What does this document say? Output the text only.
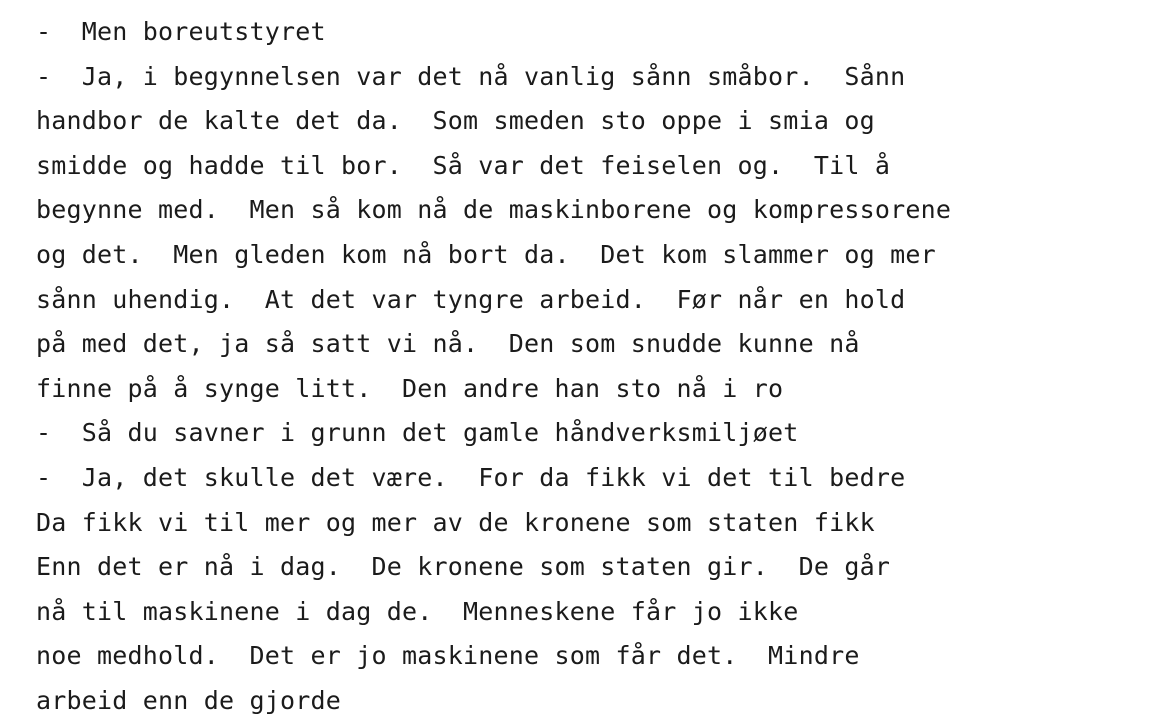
-  Men boreutstyret
-  Ja, i begynnelsen var det nå vanlig sånn småbor.  Sånn
handbor de kalte det da.  Som smeden sto oppe i smia og
smidde og hadde til bor.  Så var det feiselen og.  Til å
begynne med.  Men så kom nå de maskinborene og kompressorene
og det.  Men gleden kom nå bort da.  Det kom slammer og mer
sånn uhendig.  At det var tyngre arbeid.  Før når en hold
på med det, ja så satt vi nå.  Den som snudde kunne nå
finne på å synge litt.  Den andre han sto nå i ro
-  Så du savner i grunn det gamle håndverksmiljøet
-  Ja, det skulle det være.  For da fikk vi det til bedre
Da fikk vi til mer og mer av de kronene som staten fikk
Enn det er nå i dag.  De kronene som staten gir.  De går
nå til maskinene i dag de.  Menneskene får jo ikke
noe medhold.  Det er jo maskinene som får det.  Mindre
arbeid enn de gjorde
